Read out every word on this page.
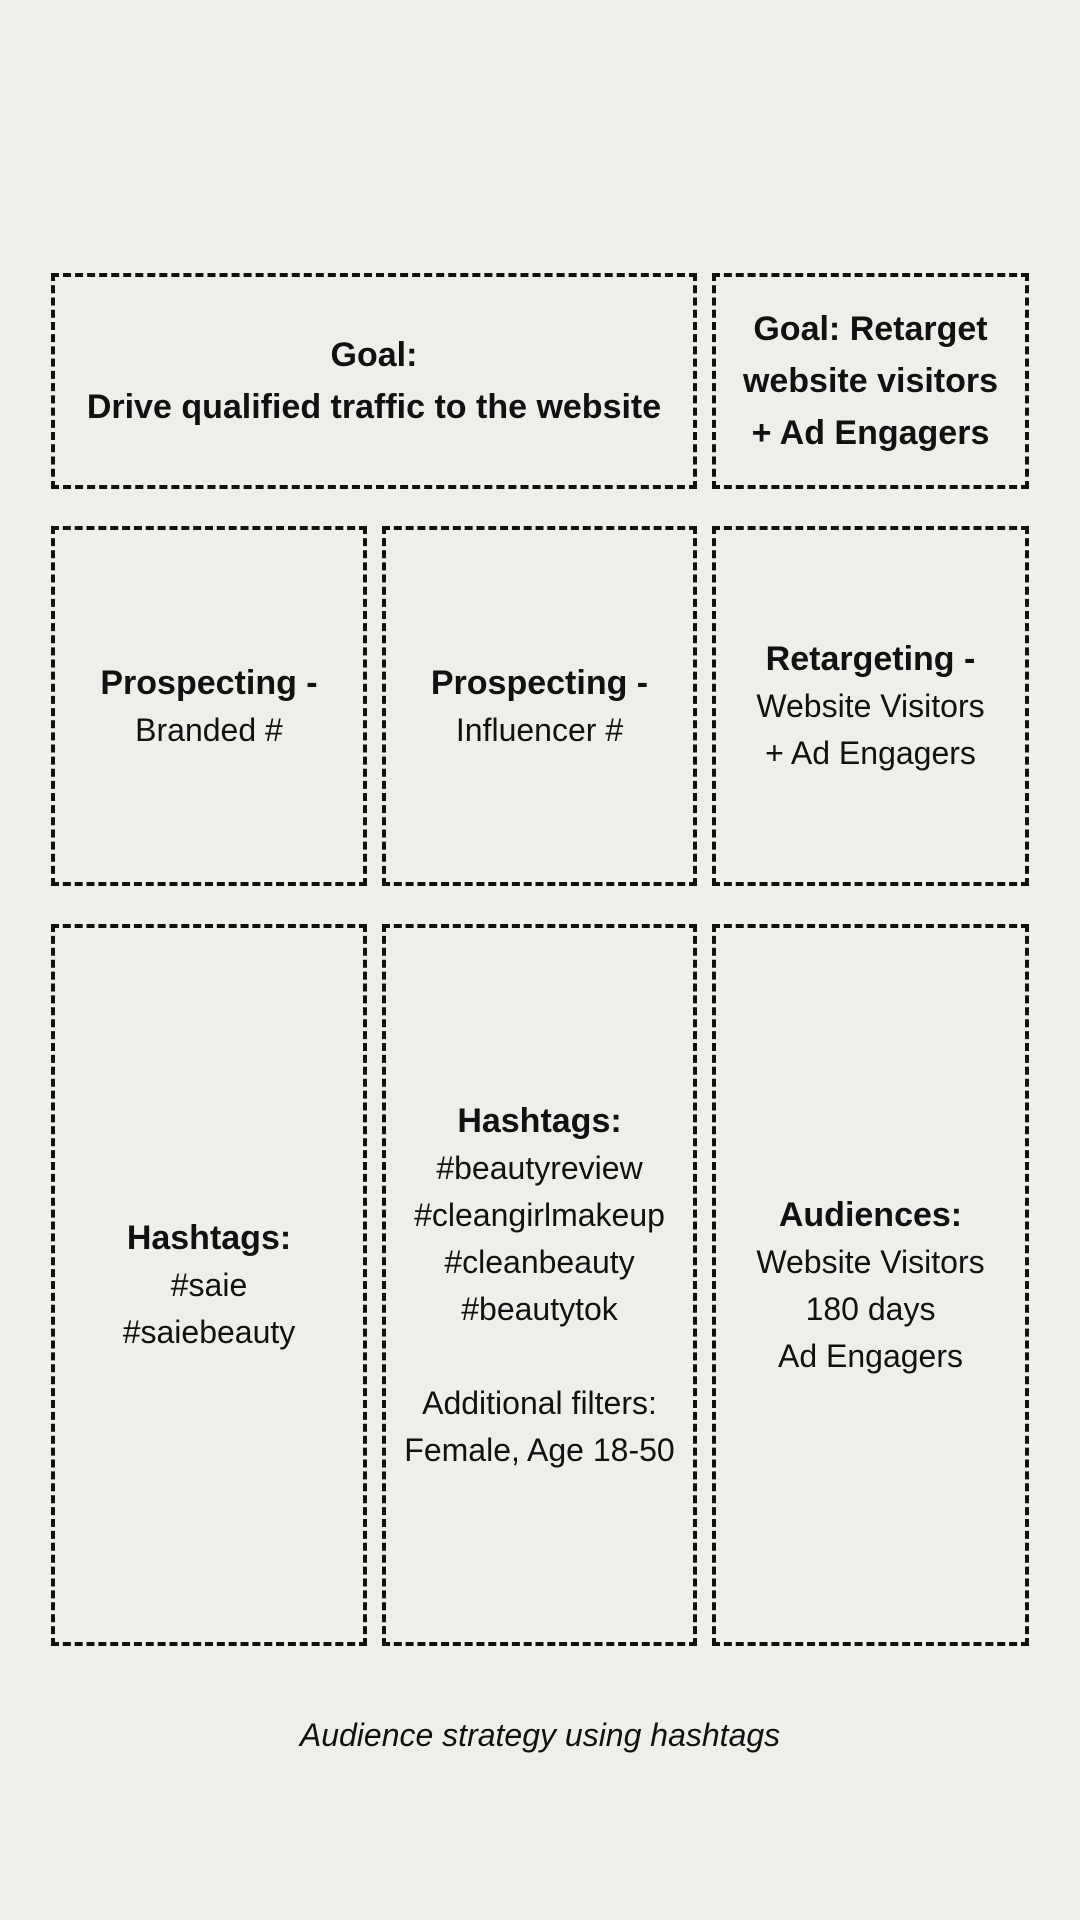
Goal:
Drive qualified traffic to the website
Goal: Retarget
website visitors
+ Ad Engagers
Prospecting -
Branded #
Prospecting -
Influencer #
Retargeting -
Website Visitors
+ Ad Engagers
Hashtags:
#saie
#saiebeauty
Hashtags:
#beautyreview
#cleangirlmakeup
#cleanbeauty
#beautytok
Additional filters:
Female, Age 18-50
Audiences:
Website Visitors
180 days
Ad Engagers
Audience strategy using hashtags
